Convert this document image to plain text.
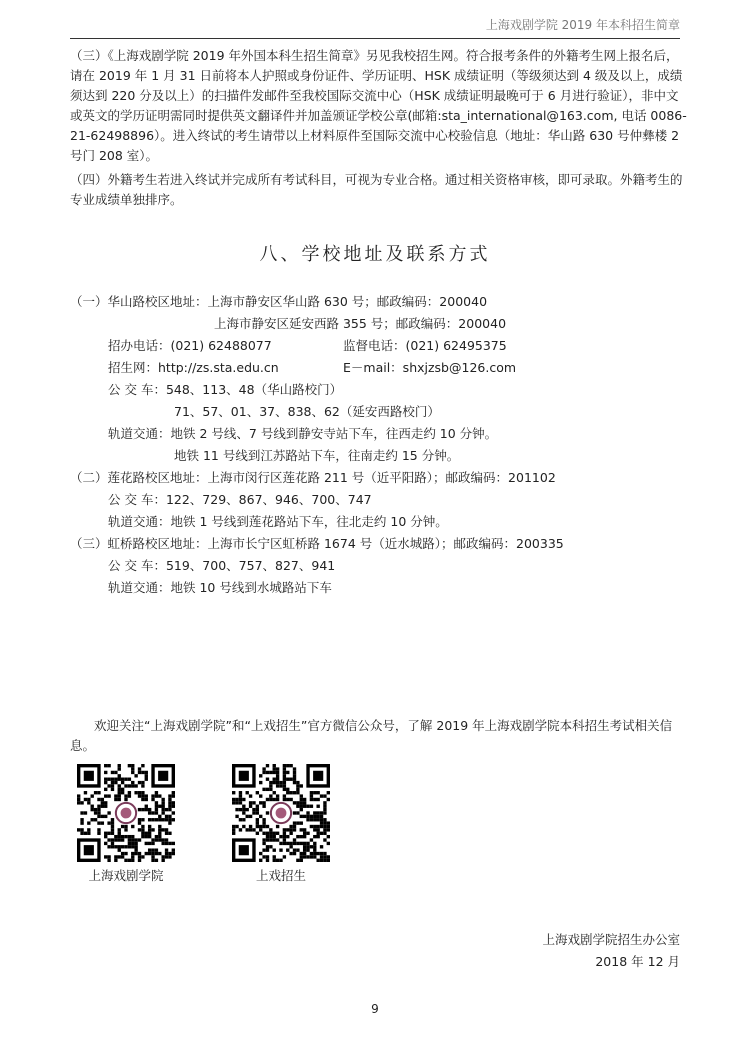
上海戏剧学院 2019 年本科招生简章
（三）《上海戏剧学院 2019 年外国本科生招生简章》另见我校招生网。符合报考条件的外籍考生网上报名后，请在 2019 年 1 月 31 日前将本人护照或身份证件、学历证明、HSK 成绩证明（等级须达到 4 级及以上，成绩须达到 220 分及以上）的扫描件发邮件至我校国际交流中心（HSK 成绩证明最晚可于 6 月进行验证），非中文或英文的学历证明需同时提供英文翻译件并加盖颁证学校公章(邮箱:sta_international@163.com, 电话 0086-21-62498896）。进入终试的考生请带以上材料原件至国际交流中心校验信息（地址：华山路 630 号仲彝楼 2 号门 208 室）。
（四）外籍考生若进入终试并完成所有考试科目，可视为专业合格。通过相关资格审核，即可录取。外籍考生的专业成绩单独排序。
八、学校地址及联系方式
（一）华山路校区地址：上海市静安区华山路 630 号；邮政编码：200040
上海市静安区延安西路 355 号；邮政编码：200040
招办电话：(021) 62488077	监督电话：(021) 62495375
招生网：http://zs.sta.edu.cn	E－mail：shxjzsb@126.com
公 交 车：548、113、48（华山路校门）
71、57、01、37、838、62（延安西路校门）
轨道交通：地铁 2 号线、7 号线到静安寺站下车，往西走约 10 分钟。
地铁 11 号线到江苏路站下车，往南走约 15 分钟。
（二）莲花路校区地址：上海市闵行区莲花路 211 号（近平阳路）；邮政编码：201102
公 交 车：122、729、867、946、700、747
轨道交通：地铁 1 号线到莲花路站下车，往北走约 10 分钟。
（三）虹桥路校区地址：上海市长宁区虹桥路 1674 号（近水城路）；邮政编码：200335
公 交 车：519、700、757、827、941
轨道交通：地铁 10 号线到水城路站下车
欢迎关注“上海戏剧学院”和“上戏招生”官方微信公众号，了解 2019 年上海戏剧学院本科招生考试相关信息。
上海戏剧学院	上戏招生
上海戏剧学院招生办公室
2018 年 12 月
9
